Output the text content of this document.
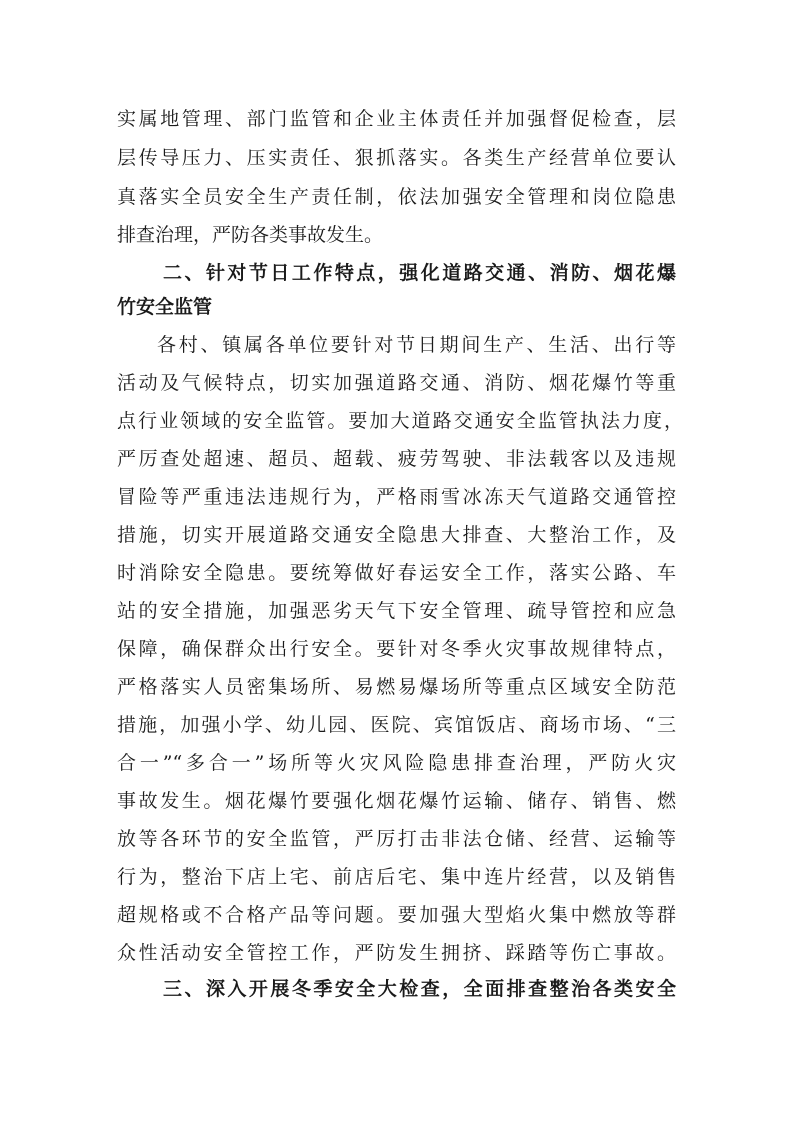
实属地管理、部门监管和企业主体责任并加强督促检查，层
层传导压力、压实责任、狠抓落实。各类生产经营单位要认
真落实全员安全生产责任制，依法加强安全管理和岗位隐患
排查治理，严防各类事故发生。
二、针对节日工作特点，强化道路交通、消防、烟花爆
竹安全监管
各村、镇属各单位要针对节日期间生产、生活、出行等
活动及气候特点，切实加强道路交通、消防、烟花爆竹等重
点行业领域的安全监管。要加大道路交通安全监管执法力度，
严厉查处超速、超员、超载、疲劳驾驶、非法载客以及违规
冒险等严重违法违规行为，严格雨雪冰冻天气道路交通管控
措施，切实开展道路交通安全隐患大排查、大整治工作，及
时消除安全隐患。要统筹做好春运安全工作，落实公路、车
站的安全措施，加强恶劣天气下安全管理、疏导管控和应急
保障，确保群众出行安全。要针对冬季火灾事故规律特点，
严格落实人员密集场所、易燃易爆场所等重点区域安全防范
措施，加强小学、幼儿园、医院、宾馆饭店、商场市场、“三
合一”“多合一”场所等火灾风险隐患排查治理，严防火灾
事故发生。烟花爆竹要强化烟花爆竹运输、储存、销售、燃
放等各环节的安全监管，严厉打击非法仓储、经营、运输等
行为，整治下店上宅、前店后宅、集中连片经营，以及销售
超规格或不合格产品等问题。要加强大型焰火集中燃放等群
众性活动安全管控工作，严防发生拥挤、踩踏等伤亡事故。
三、深入开展冬季安全大检查，全面排查整治各类安全
